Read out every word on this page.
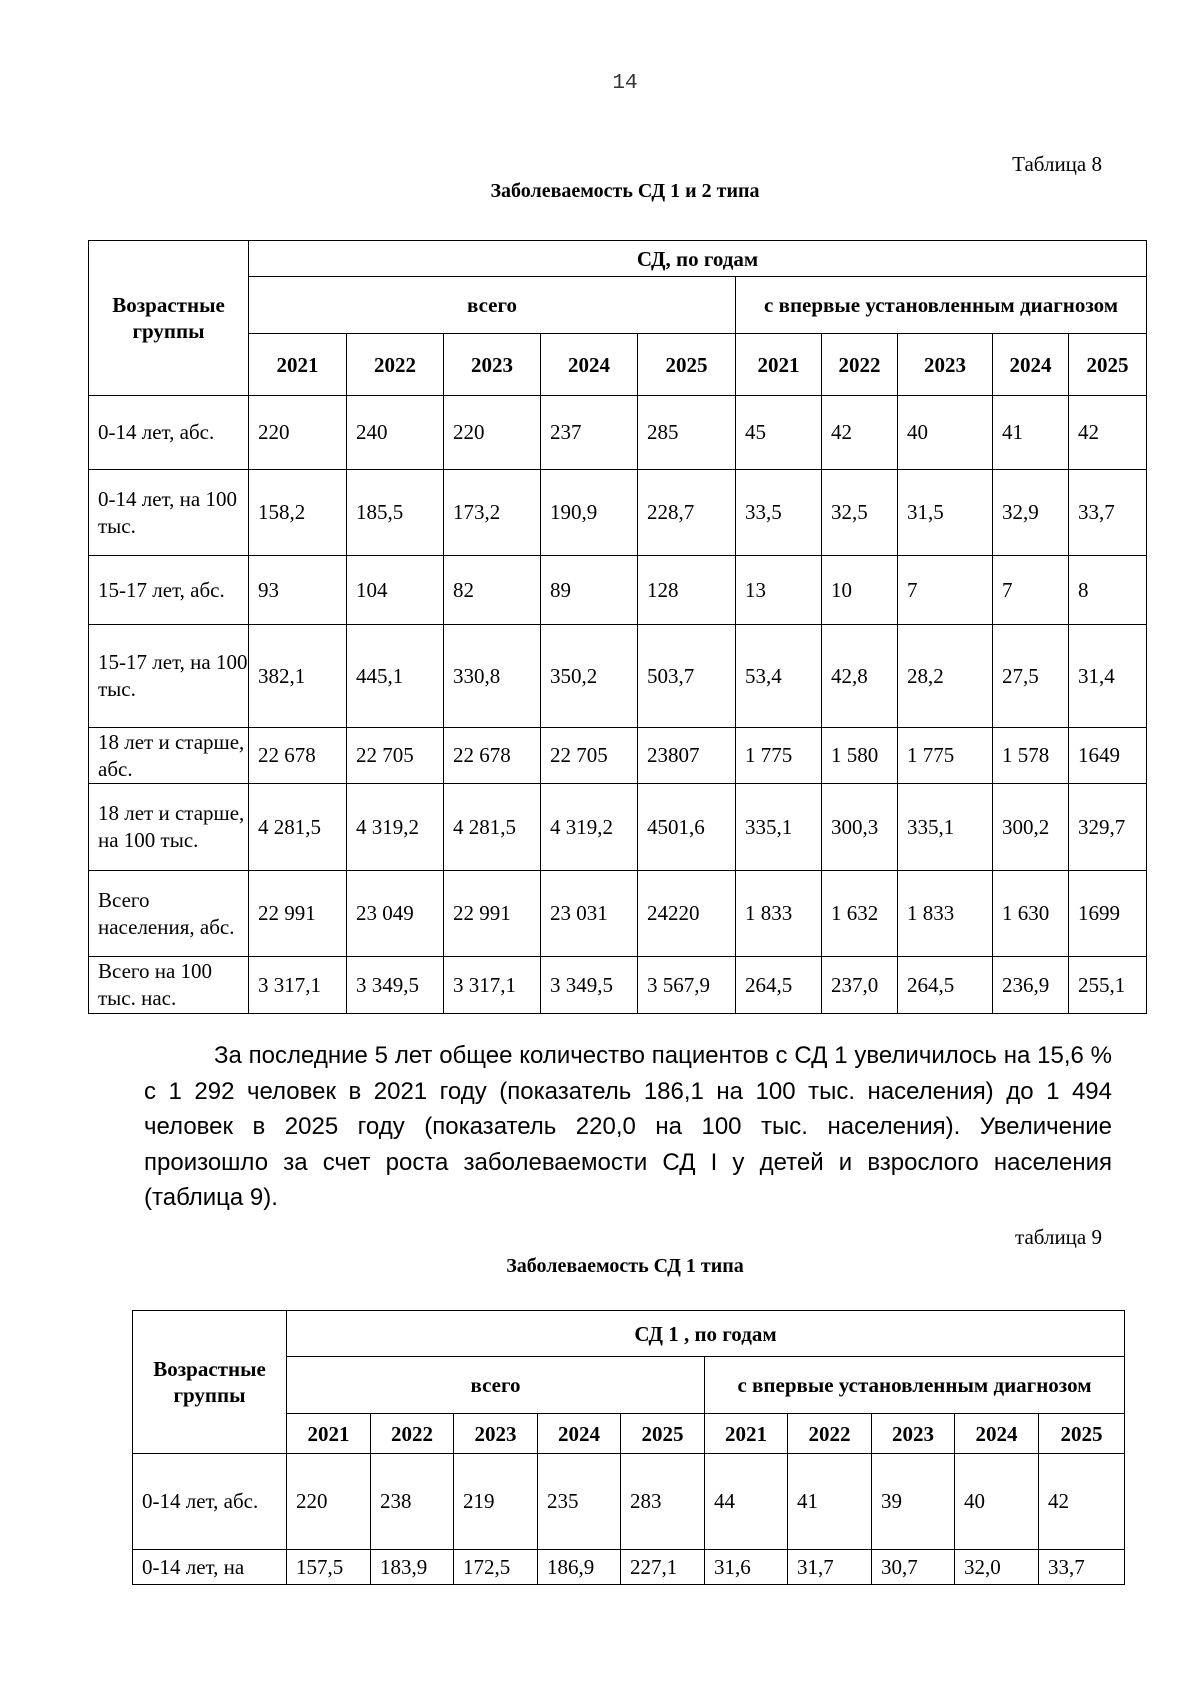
14
Таблица 8
Заболеваемость СД 1 и 2 типа
Возрастные группы	СД, по годам									
	всего					с впервые установленным диагнозом				
	2021	2022	2023	2024	2025	2021	2022	2023	2024	2025
0-14 лет, абс.	220	240	220	237	285	45	42	40	41	42
0-14 лет, на 100 тыс.	158,2	185,5	173,2	190,9	228,7	33,5	32,5	31,5	32,9	33,7
15-17 лет, абс.	93	104	82	89	128	13	10	7	7	8
15-17 лет, на 100 тыс.	382,1	445,1	330,8	350,2	503,7	53,4	42,8	28,2	27,5	31,4
18 лет и старше, абс.	22 678	22 705	22 678	22 705	23807	1 775	1 580	1 775	1 578	1649
18 лет и старше, на 100 тыс.	4 281,5	4 319,2	4 281,5	4 319,2	4501,6	335,1	300,3	335,1	300,2	329,7
Всего населения, абс.	22 991	23 049	22 991	23 031	24220	1 833	1 632	1 833	1 630	1699
Всего на 100 тыс. нас.	3 317,1	3 349,5	3 317,1	3 349,5	3 567,9	264,5	237,0	264,5	236,9	255,1

За последние 5 лет общее количество пациентов с СД 1 увеличилось на 15,6 % с 1 292 человек в 2021 году (показатель 186,1 на 100 тыс. населения) до 1 494 человек в 2025 году (показатель 220,0 на 100 тыс. населения). Увеличение произошло за счет роста заболеваемости СД I у детей и взрослого населения (таблица 9).

таблица 9
Заболеваемость СД 1 типа
Возрастные группы	СД 1 , по годам									
	всего					с впервые установленным диагнозом				
	2021	2022	2023	2024	2025	2021	2022	2023	2024	2025
0-14 лет, абс.	220	238	219	235	283	44	41	39	40	42
0-14 лет, на	157,5	183,9	172,5	186,9	227,1	31,6	31,7	30,7	32,0	33,7
